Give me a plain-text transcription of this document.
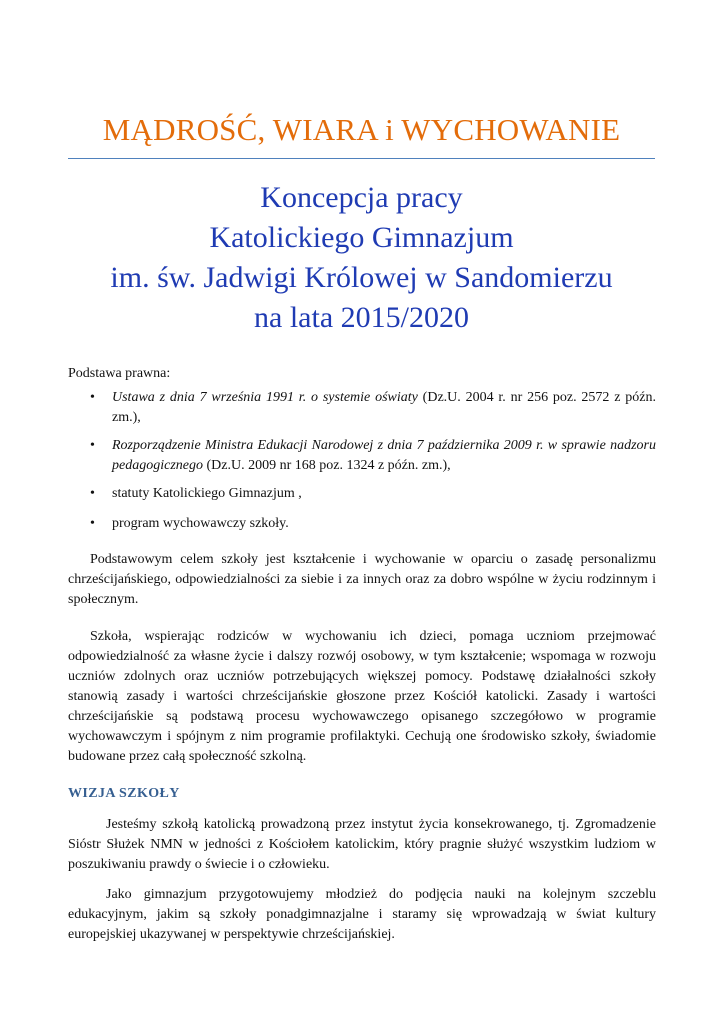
MĄDROŚĆ, WIARA i WYCHOWANIE
Koncepcja pracy
Katolickiego Gimnazjum
im. św. Jadwigi Królowej w Sandomierzu
na lata 2015/2020
Podstawa prawna:
• Ustawa z dnia 7 września 1991 r. o systemie oświaty (Dz.U. 2004 r. nr 256 poz. 2572 z późn. zm.),
• Rozporządzenie Ministra Edukacji Narodowej z dnia 7 października 2009 r. w sprawie nadzoru pedagogicznego (Dz.U. 2009 nr 168 poz. 1324 z późn. zm.),
• statuty Katolickiego Gimnazjum ,
• program wychowawczy szkoły.

Podstawowym celem szkoły jest kształcenie i wychowanie w oparciu o zasadę personalizmu chrześcijańskiego, odpowiedzialności za siebie i za innych oraz za dobro wspólne w życiu rodzinnym i społecznym.

Szkoła, wspierając rodziców w wychowaniu ich dzieci, pomaga uczniom przejmować odpowiedzialność za własne życie i dalszy rozwój osobowy, w tym kształcenie; wspomaga w rozwoju uczniów zdolnych oraz uczniów potrzebujących większej pomocy. Podstawę działalności szkoły stanowią zasady i wartości chrześcijańskie głoszone przez Kościół katolicki. Zasady i wartości chrześcijańskie są podstawą procesu wychowawczego opisanego szczegółowo w programie wychowawczym i spójnym z nim programie profilaktyki. Cechują one środowisko szkoły, świadomie budowane przez całą społeczność szkolną.

WIZJA SZKOŁY

Jesteśmy szkołą katolicką prowadzoną przez instytut życia konsekrowanego, tj. Zgromadzenie Sióstr Służek NMN w jedności z Kościołem katolickim, który pragnie służyć wszystkim ludziom w poszukiwaniu prawdy o świecie i o człowieku.

Jako gimnazjum przygotowujemy młodzież do podjęcia nauki na kolejnym szczeblu edukacyjnym, jakim są szkoły ponadgimnazjalne i staramy się wprowadzają w świat kultury europejskiej ukazywanej w perspektywie chrześcijańskiej.
